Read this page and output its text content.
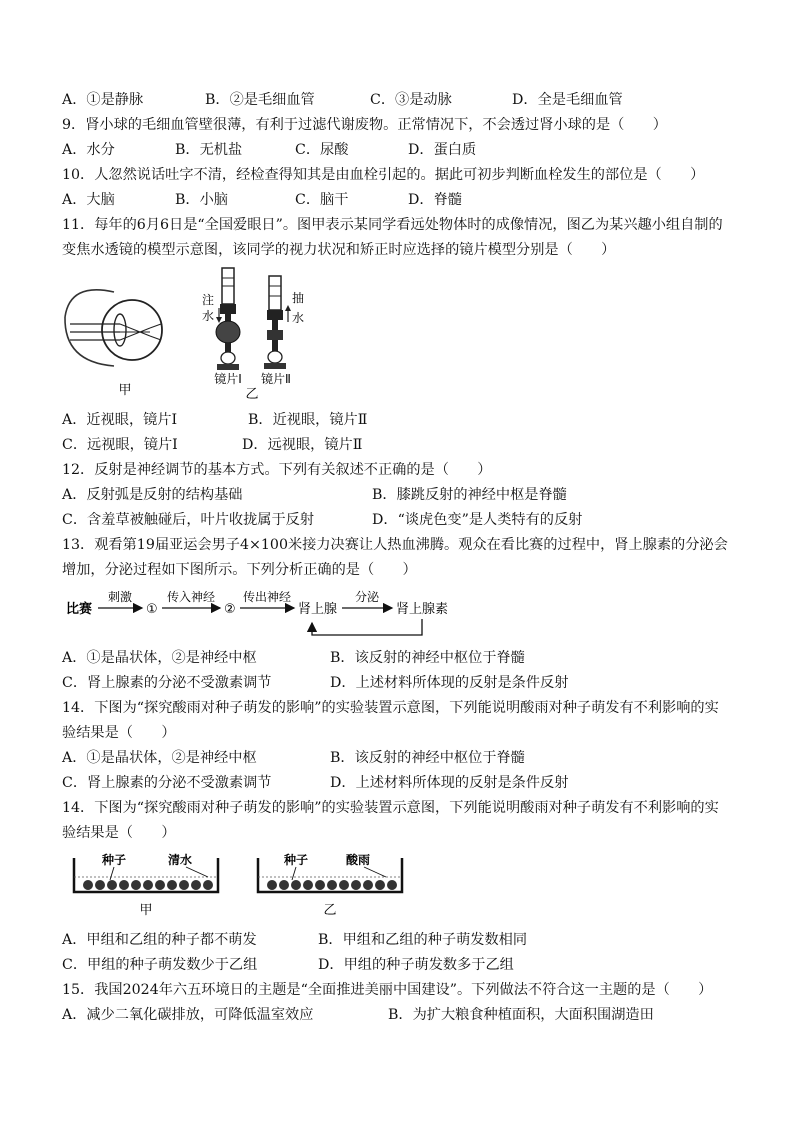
A．①是静脉	B．②是毛细血管	C．③是动脉	D．全是毛细血管
9．肾小球的毛细血管壁很薄，有利于过滤代谢废物。正常情况下，不会透过肾小球的是（　　）
A．水分	B．无机盐	C．尿酸	D．蛋白质
10．人忽然说话吐字不清，经检查得知其是由血栓引起的。据此可初步判断血栓发生的部位是（　　）
A．大脑	B．小脑	C．脑干	D．脊髓
11．每年的6月6日是“全国爱眼日”。图甲表示某同学看远处物体时的成像情况，图乙为某兴趣小组自制的
变焦水透镜的模型示意图，该同学的视力状况和矫正时应选择的镜片模型分别是（　　）
甲
注
水
镜片Ⅰ
抽
水
镜片Ⅱ
乙
A．近视眼，镜片Ⅰ	B．近视眼，镜片Ⅱ
C．远视眼，镜片Ⅰ	D．远视眼，镜片Ⅱ
12．反射是神经调节的基本方式。下列有关叙述不正确的是（　　）
A．反射弧是反射的结构基础	B．膝跳反射的神经中枢是脊髓
C．含羞草被触碰后，叶片收拢属于反射	D．“谈虎色变”是人类特有的反射
13．观看第19届亚运会男子4×100米接力决赛让人热血沸腾。观众在看比赛的过程中，肾上腺素的分泌会
增加，分泌过程如下图所示。下列分析正确的是（　　）
比赛
刺激
①
传入神经
②
传出神经
肾上腺
分泌
肾上腺素
A．①是晶状体，②是神经中枢	B．该反射的神经中枢位于脊髓
C．肾上腺素的分泌不受激素调节	D．上述材料所体现的反射是条件反射
14．下图为“探究酸雨对种子萌发的影响”的实验装置示意图，下列能说明酸雨对种子萌发有不利影响的实
验结果是（　　）
A．①是晶状体，②是神经中枢	B．该反射的神经中枢位于脊髓
C．肾上腺素的分泌不受激素调节	D．上述材料所体现的反射是条件反射
14．下图为“探究酸雨对种子萌发的影响”的实验装置示意图，下列能说明酸雨对种子萌发有不利影响的实
验结果是（　　）
种子	清水
甲
种子	酸雨
乙
A．甲组和乙组的种子都不萌发	B．甲组和乙组的种子萌发数相同
C．甲组的种子萌发数少于乙组	D．甲组的种子萌发数多于乙组
15．我国2024年六五环境日的主题是“全面推进美丽中国建设”。下列做法不符合这一主题的是（　　）
A．减少二氧化碳排放，可降低温室效应	B．为扩大粮食种植面积，大面积围湖造田
